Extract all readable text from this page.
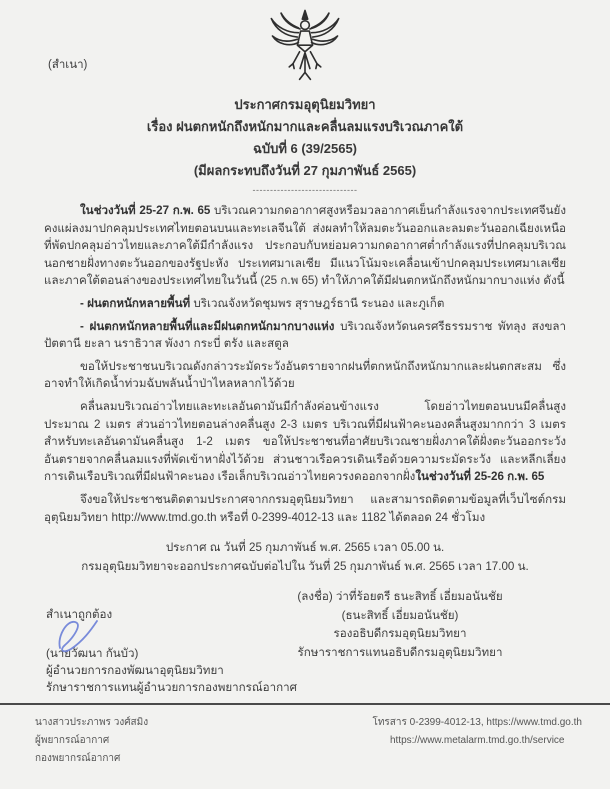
(สำเนา)

ประกาศกรมอุตุนิยมวิทยา

เรื่อง ฝนตกหนักถึงหนักมากและคลื่นลมแรงบริเวณภาคใต้

ฉบับที่ 6 (39/2565)

(มีผลกระทบถึงวันที่ 27 กุมภาพันธ์ 2565)

------------------------------

ในช่วงวันที่ 25-27 ก.พ. 65 บริเวณความกดอากาศสูงหรือมวลอากาศเย็นกำลังแรงจากประเทศจีนยังคงแผ่ลงมาปกคลุมประเทศไทยตอนบนและทะเลจีนใต้ ส่งผลทำให้ลมตะวันออกและลมตะวันออกเฉียงเหนือที่พัดปกคลุมอ่าวไทยและภาคใต้มีกำลังแรง ประกอบกับหย่อมความกดอากาศต่ำกำลังแรงที่ปกคลุมบริเวณนอกชายฝั่งทางตะวันออกของรัฐปะหัง ประเทศมาเลเซีย มีแนวโน้มจะเคลื่อนเข้าปกคลุมประเทศมาเลเซียและภาคใต้ตอนล่างของประเทศไทยในวันนี้ (25 ก.พ 65) ทำให้ภาคใต้มีฝนตกหนักถึงหนักมากบางแห่ง ดังนี้

- ฝนตกหนักหลายพื้นที่ บริเวณจังหวัดชุมพร สุราษฎร์ธานี ระนอง และภูเก็ต

- ฝนตกหนักหลายพื้นที่และมีฝนตกหนักมากบางแห่ง บริเวณจังหวัดนครศรีธรรมราช พัทลุง สงขลา ปัตตานี ยะลา นราธิวาส พังงา กระบี่ ตรัง และสตูล

ขอให้ประชาชนบริเวณดังกล่าวระมัดระวังอันตรายจากฝนที่ตกหนักถึงหนักมากและฝนตกสะสม ซึ่งอาจทำให้เกิดน้ำท่วมฉับพลันน้ำป่าไหลหลากไว้ด้วย

คลื่นลมบริเวณอ่าวไทยและทะเลอันดามันมีกำลังค่อนข้างแรง โดยอ่าวไทยตอนบนมีคลื่นสูงประมาณ 2 เมตร ส่วนอ่าวไทยตอนล่างคลื่นสูง 2-3 เมตร บริเวณที่มีฝนฟ้าคะนองคลื่นสูงมากกว่า 3 เมตร สำหรับทะเลอันดามันคลื่นสูง 1-2 เมตร ขอให้ประชาชนที่อาศัยบริเวณชายฝั่งภาคใต้ฝั่งตะวันออกระวังอันตรายจากคลื่นลมแรงที่พัดเข้าหาฝั่งไว้ด้วย ส่วนชาวเรือควรเดินเรือด้วยความระมัดระวัง และหลีกเลี่ยงการเดินเรือบริเวณที่มีฝนฟ้าคะนอง เรือเล็กบริเวณอ่าวไทยควรงดออกจากฝั่งในช่วงวันที่ 25-26 ก.พ. 65

จึงขอให้ประชาชนติดตามประกาศจากกรมอุตุนิยมวิทยา และสามารถติดตามข้อมูลที่เว็บไซต์กรมอุตุนิยมวิทยา http://www.tmd.go.th หรือที่ 0-2399-4012-13 และ 1182 ได้ตลอด 24 ชั่วโมง

ประกาศ ณ วันที่ 25 กุมภาพันธ์ พ.ศ. 2565 เวลา 05.00 น.

กรมอุตุนิยมวิทยาจะออกประกาศฉบับต่อไปใน วันที่ 25 กุมภาพันธ์ พ.ศ. 2565 เวลา 17.00 น.

(ลงชื่อ) ว่าที่ร้อยตรี ธนะสิทธิ์ เอี่ยมอนันชัย

(ธนะสิทธิ์ เอี่ยมอนันชัย)

รองอธิบดีกรมอุตุนิยมวิทยา

รักษาราชการแทนอธิบดีกรมอุตุนิยมวิทยา

สำเนาถูกต้อง
(นายวัฒนา กันบัว)
ผู้อำนวยการกองพัฒนาอุตุนิยมวิทยา
รักษาราชการแทนผู้อำนวยการกองพยากรณ์อากาศ

นางสาวประภาพร วงศ์สมิง

ผู้พยากรณ์อากาศ

กองพยากรณ์อากาศ

โทรสาร 0-2399-4012-13, https://www.tmd.go.th

https://www.metalarm.tmd.go.th/service
